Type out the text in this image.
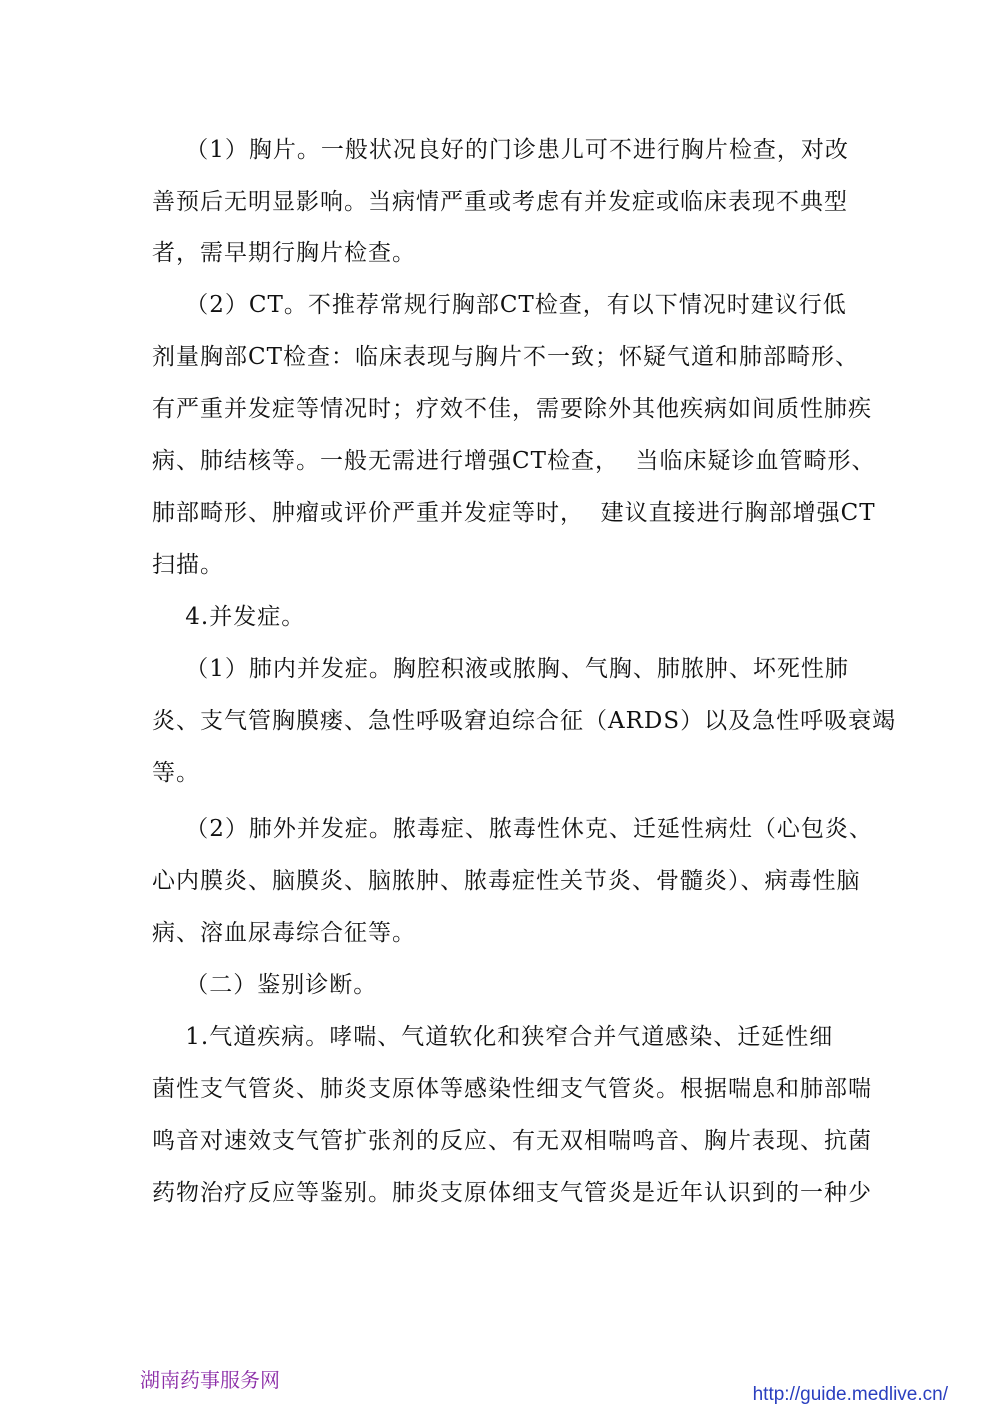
（1）胸片。一般状况良好的门诊患儿可不进行胸片检查，对改
善预后无明显影响。当病情严重或考虑有并发症或临床表现不典型
者，需早期行胸片检查。
（2）CT。不推荐常规行胸部CT检查，有以下情况时建议行低
剂量胸部CT检查：临床表现与胸片不一致；怀疑气道和肺部畸形、
有严重并发症等情况时；疗效不佳，需要除外其他疾病如间质性肺疾
病、肺结核等。一般无需进行增强CT检查，  当临床疑诊血管畸形、
肺部畸形、肿瘤或评价严重并发症等时，  建议直接进行胸部增强CT
扫描。
4.并发症。
（1）肺内并发症。胸腔积液或脓胸、气胸、肺脓肿、坏死性肺
炎、支气管胸膜瘘、急性呼吸窘迫综合征（ARDS）以及急性呼吸衰竭
等。
（2）肺外并发症。脓毒症、脓毒性休克、迁延性病灶（心包炎、
心内膜炎、脑膜炎、脑脓肿、脓毒症性关节炎、骨髓炎）、病毒性脑
病、溶血尿毒综合征等。
（二）鉴别诊断。
1.气道疾病。哮喘、气道软化和狭窄合并气道感染、迁延性细
菌性支气管炎、肺炎支原体等感染性细支气管炎。根据喘息和肺部喘
鸣音对速效支气管扩张剂的反应、有无双相喘鸣音、胸片表现、抗菌
药物治疗反应等鉴别。肺炎支原体细支气管炎是近年认识到的一种少
湖南药事服务网
http://guide.medlive.cn/
